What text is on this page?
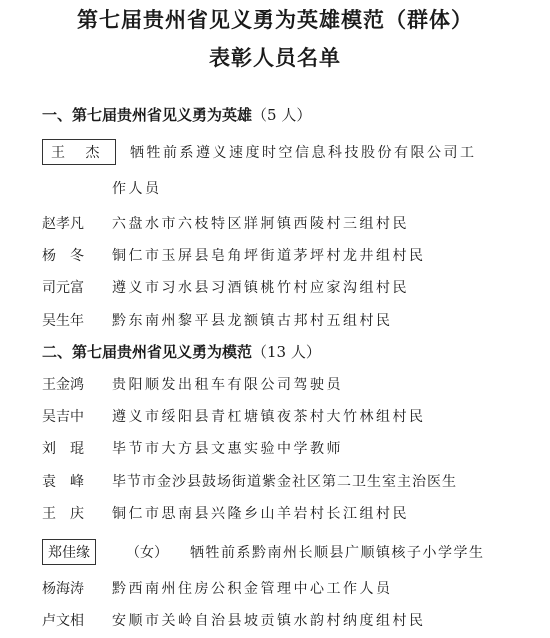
第七届贵州省见义勇为英雄模范（群体）
表彰人员名单
一、第七届贵州省见义勇为英雄（5 人）
王 杰	牺牲前系遵义速度时空信息科技股份有限公司工
作人员
赵孝凡	六盘水市六枝特区牂牁镇西陵村三组村民
杨　冬	铜仁市玉屏县皂角坪街道茅坪村龙井组村民
司元富	遵义市习水县习酒镇桃竹村应家沟组村民
吴生年	黔东南州黎平县龙额镇古邦村五组村民
二、第七届贵州省见义勇为模范（13 人）
王金鸿	贵阳顺发出租车有限公司驾驶员
吴吉中	遵义市绥阳县青杠塘镇夜茶村大竹林组村民
刘　琨	毕节市大方县文惠实验中学教师
袁　峰	毕节市金沙县鼓场街道紫金社区第二卫生室主治医生
王　庆	铜仁市思南县兴隆乡山羊岩村长江组村民
郑佳缘	（女） 牺牲前系黔南州长顺县广顺镇核子小学学生
杨海涛	黔西南州住房公积金管理中心工作人员
卢文相	安顺市关岭自治县坡贡镇水韵村纳度组村民
